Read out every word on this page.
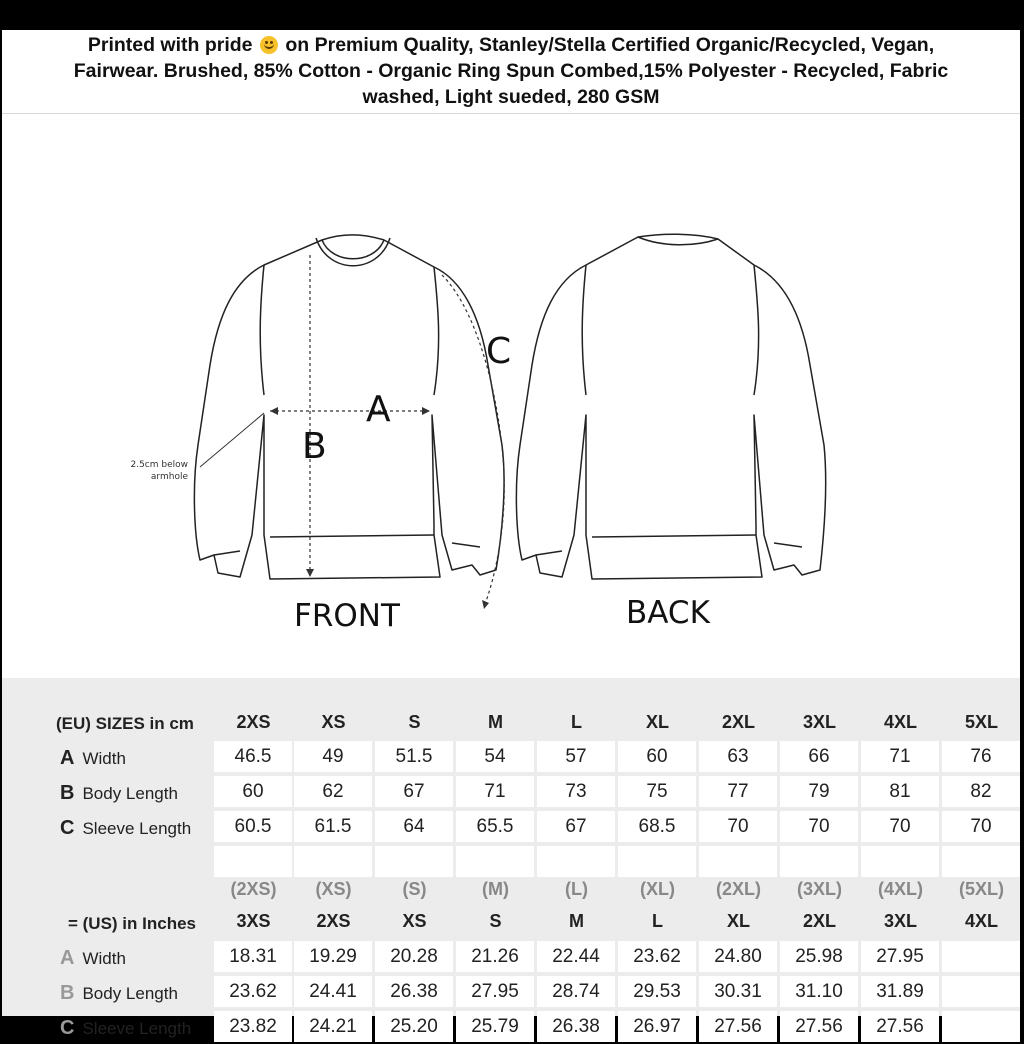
Printed with pride on Premium Quality, Stanley/Stella Certified Organic/Recycled, Vegan,
Fairwear. Brushed, 85% Cotton - Organic Ring Spun Combed,15% Polyester - Recycled, Fabric
washed, Light sueded, 280 GSM
FRONT	BACK
A
B
C
2.5cm below
armhole
(EU) SIZES in cm	2XS	XS	S	M	L	XL	2XL	3XL	4XL	5XL
A Width	46.5	49	51.5	54	57	60	63	66	71	76
B Body Length	60	62	67	71	73	75	77	79	81	82
C Sleeve Length	60.5	61.5	64	65.5	67	68.5	70	70	70	70
(2XS)	(XS)	(S)	(M)	(L)	(XL)	(2XL)	(3XL)	(4XL)	(5XL)
= (US) in Inches	3XS	2XS	XS	S	M	L	XL	2XL	3XL	4XL
A Width	18.31	19.29	20.28	21.26	22.44	23.62	24.80	25.98	27.95
B Body Length	23.62	24.41	26.38	27.95	28.74	29.53	30.31	31.10	31.89
C Sleeve Length	23.82	24.21	25.20	25.79	26.38	26.97	27.56	27.56	27.56
